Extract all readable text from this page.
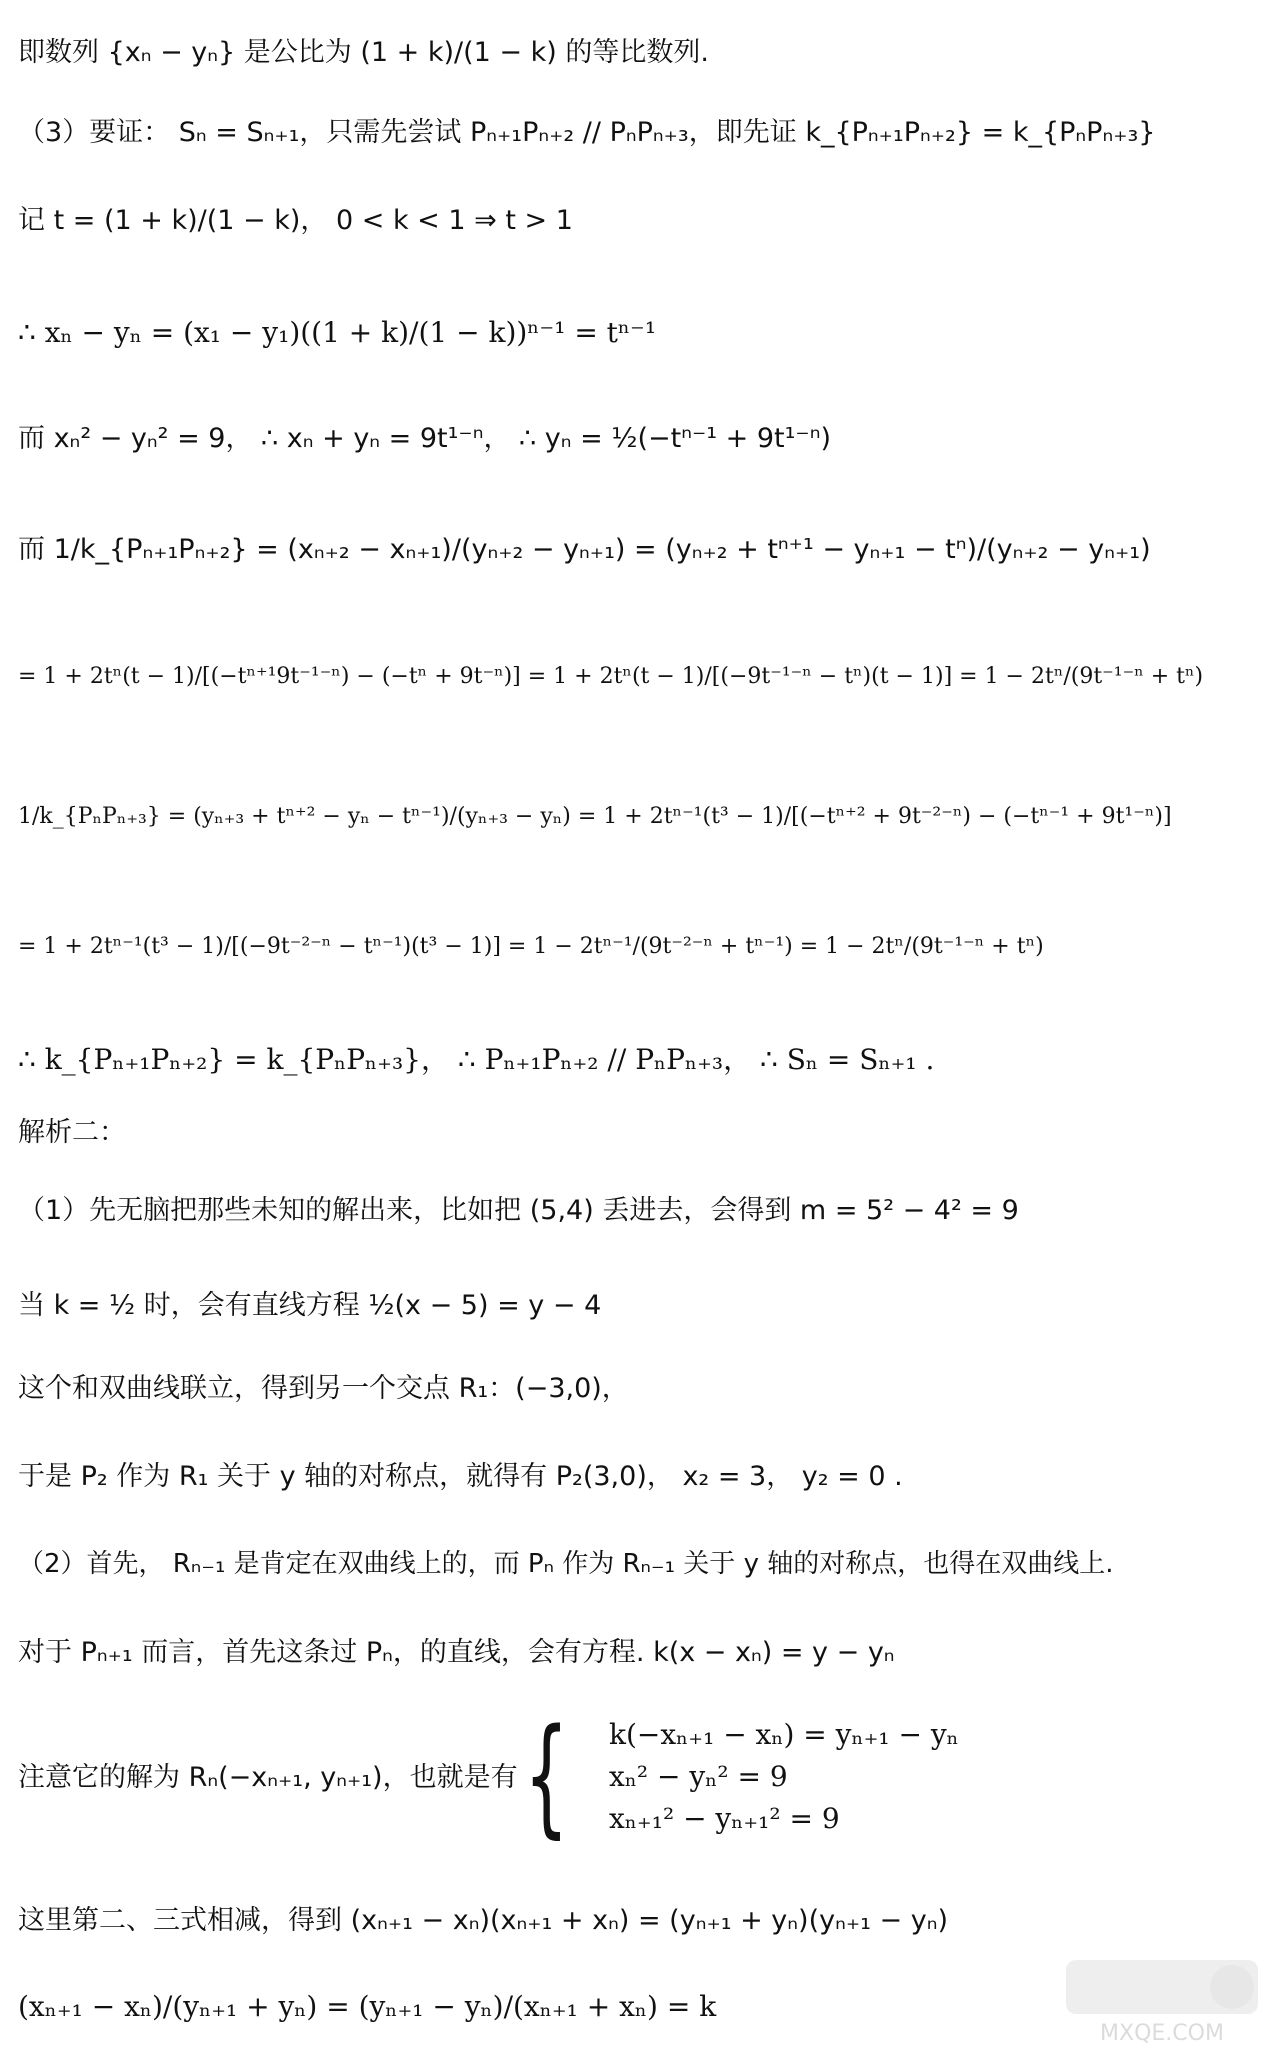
即数列 {xₙ − yₙ} 是公比为 (1 + k)/(1 − k) 的等比数列.
（3）要证： Sₙ = Sₙ₊₁，只需先尝试 Pₙ₊₁Pₙ₊₂ // PₙPₙ₊₃，即先证 k_{Pₙ₊₁Pₙ₊₂} = k_{PₙPₙ₊₃}
记 t = (1 + k)/(1 − k)， 0 < k < 1 ⇒ t > 1
∴ xₙ − yₙ = (x₁ − y₁)((1 + k)/(1 − k))ⁿ⁻¹ = tⁿ⁻¹
而 xₙ² − yₙ² = 9， ∴ xₙ + yₙ = 9t¹⁻ⁿ， ∴ yₙ = ½(−tⁿ⁻¹ + 9t¹⁻ⁿ)
而 1/k_{Pₙ₊₁Pₙ₊₂} = (xₙ₊₂ − xₙ₊₁)/(yₙ₊₂ − yₙ₊₁) = (yₙ₊₂ + tⁿ⁺¹ − yₙ₊₁ − tⁿ)/(yₙ₊₂ − yₙ₊₁)
= 1 + 2tⁿ(t − 1)/[(−tⁿ⁺¹9t⁻¹⁻ⁿ) − (−tⁿ + 9t⁻ⁿ)] = 1 + 2tⁿ(t − 1)/[(−9t⁻¹⁻ⁿ − tⁿ)(t − 1)] = 1 − 2tⁿ/(9t⁻¹⁻ⁿ + tⁿ)
1/k_{PₙPₙ₊₃} = (yₙ₊₃ + tⁿ⁺² − yₙ − tⁿ⁻¹)/(yₙ₊₃ − yₙ) = 1 + 2tⁿ⁻¹(t³ − 1)/[(−tⁿ⁺² + 9t⁻²⁻ⁿ) − (−tⁿ⁻¹ + 9t¹⁻ⁿ)]
= 1 + 2tⁿ⁻¹(t³ − 1)/[(−9t⁻²⁻ⁿ − tⁿ⁻¹)(t³ − 1)] = 1 − 2tⁿ⁻¹/(9t⁻²⁻ⁿ + tⁿ⁻¹) = 1 − 2tⁿ/(9t⁻¹⁻ⁿ + tⁿ)
∴ k_{Pₙ₊₁Pₙ₊₂} = k_{PₙPₙ₊₃}， ∴ Pₙ₊₁Pₙ₊₂ // PₙPₙ₊₃， ∴ Sₙ = Sₙ₊₁ .
解析二：
（1）先无脑把那些未知的解出来，比如把 (5,4) 丢进去，会得到 m = 5² − 4² = 9
当 k = ½ 时，会有直线方程 ½(x − 5) = y − 4
这个和双曲线联立，得到另一个交点 R₁：(−3,0)，
于是 P₂ 作为 R₁ 关于 y 轴的对称点，就得有 P₂(3,0)， x₂ = 3， y₂ = 0 .
（2）首先， Rₙ₋₁ 是肯定在双曲线上的，而 Pₙ 作为 Rₙ₋₁ 关于 y 轴的对称点，也得在双曲线上.
对于 Pₙ₊₁ 而言，首先这条过 Pₙ，的直线，会有方程. k(x − xₙ) = y − yₙ
注意它的解为 Rₙ(−xₙ₊₁, yₙ₊₁)，也就是有 { k(−xₙ₊₁ − xₙ) = yₙ₊₁ − yₙ
xₙ² − yₙ² = 9
xₙ₊₁² − yₙ₊₁² = 9
这里第二、三式相减，得到 (xₙ₊₁ − xₙ)(xₙ₊₁ + xₙ) = (yₙ₊₁ + yₙ)(yₙ₊₁ − yₙ)
(xₙ₊₁ − xₙ)/(yₙ₊₁ + yₙ) = (yₙ₊₁ − yₙ)/(xₙ₊₁ + xₙ) = k
MXQE.COM
